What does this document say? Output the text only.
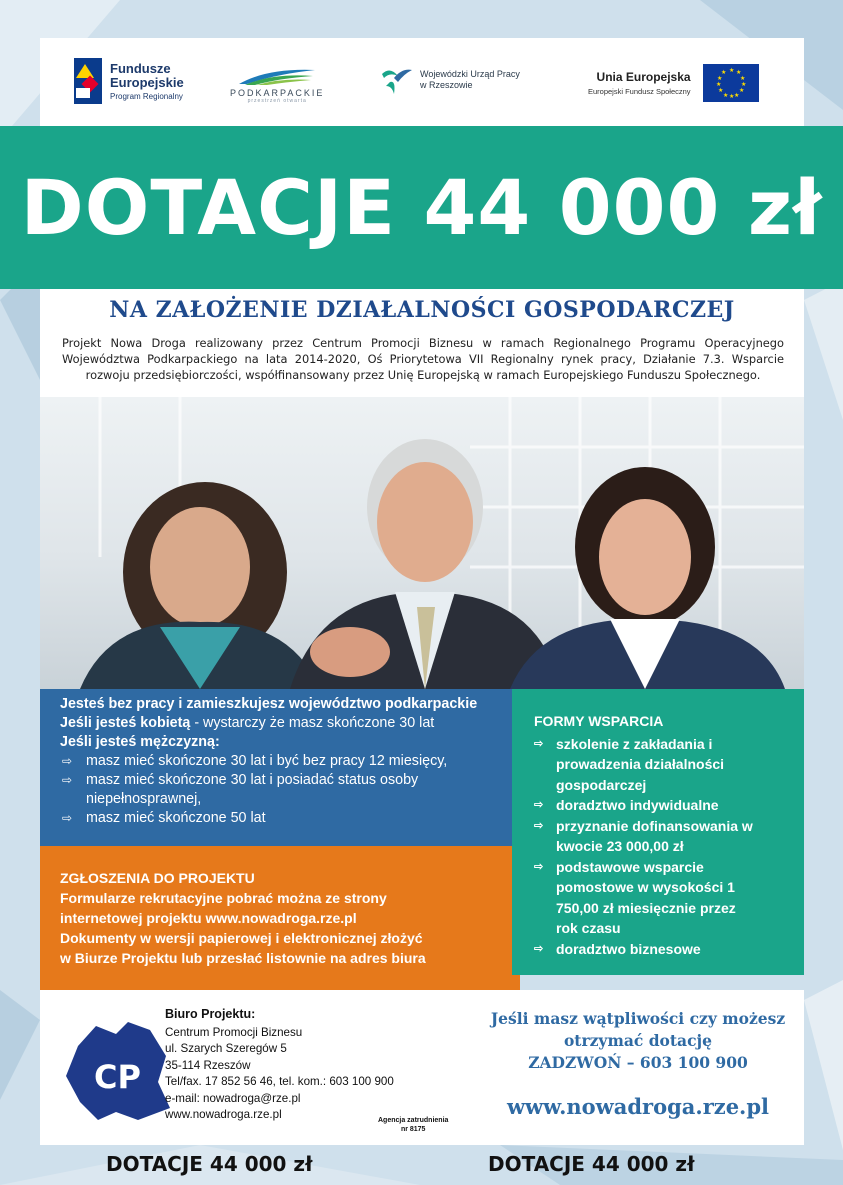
Fundusze
Europejskie
Program Regionalny	PODKARPACKIE
przestrzeń otwarta
Wojewódzki Urząd Pracy
w Rzeszowie
Unia Europejska
Europejski Fundusz Społeczny
★ ★
★
★
★
★
★
★
★
★
★
★
DOTACJE 44 000 zł
NA ZAŁOŻENIE DZIAŁALNOŚCI GOSPODARCZEJ
Projekt Nowa Droga realizowany przez Centrum Promocji Biznesu w ramach Regionalnego Programu Operacyjnego Województwa Podkarpackiego na lata 2014-2020, Oś Priorytetowa VII Regionalny rynek pracy, Działanie 7.3. Wsparcie rozwoju przedsiębiorczości, współfinansowany przez Unię Europejską w ramach Europejskiego Funduszu Społecznego.
Jesteś bez pracy i zamieszkujesz województwo podkarpackie
Jeśli jesteś kobietą - wystarczy że masz skończone 30 lat
Jeśli jesteś mężczyzną:
⇨ masz mieć skończone 30 lat i być bez pracy 12 miesięcy,
⇨ masz mieć skończone 30 lat i posiadać status osoby niepełnosprawnej,
⇨ masz mieć skończone 50 lat
ZGŁOSZENIA DO PROJEKTU
Formularze rekrutacyjne pobrać można ze strony
internetowej projektu www.nowadroga.rze.pl
Dokumenty w wersji papierowej i elektronicznej złożyć
w Biurze Projektu lub przesłać listownie na adres biura
FORMY WSPARCIA
⇨ szkolenie z zakładania i prowadzenia działalności gospodarczej
⇨ doradztwo indywidualne
⇨ przyznanie dofinansowania w kwocie 23 000,00 zł
⇨ podstawowe wsparcie pomostowe w wysokości 1 750,00 zł miesięcznie przez rok czasu
⇨ doradztwo biznesowe
CP
Biuro Projektu:
Centrum Promocji Biznesu
ul. Szarych Szeregów 5
35-114 Rzeszów
Tel/fax. 17 852 56 46, tel. kom.: 603 100 900
e-mail: nowadroga@rze.pl
www.nowadroga.rze.pl	Agencja zatrudnienia
nr 8175
Jeśli masz wątpliwości czy możesz
otrzymać dotację
ZADZWOŃ – 603 100 900
www.nowadroga.rze.pl
DOTACJE 44 000 zł	DOTACJE 44 000 zł
